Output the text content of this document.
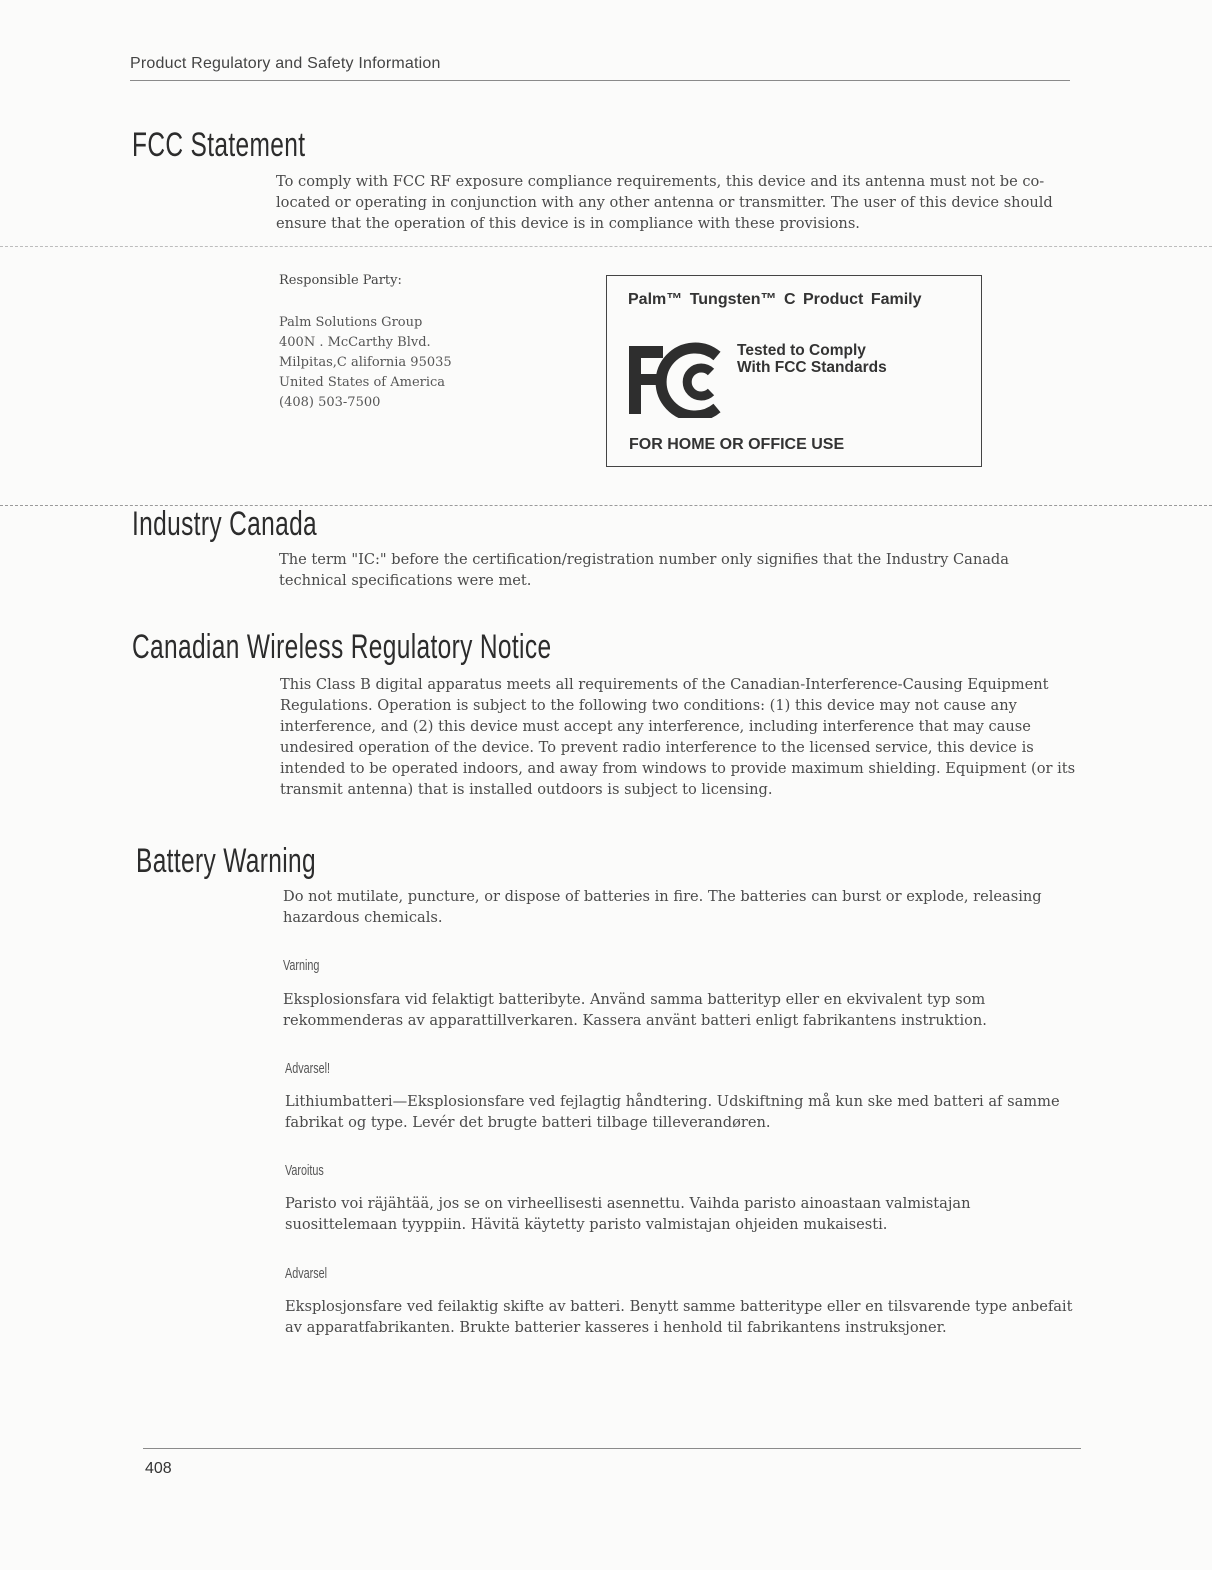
Product Regulatory and Safety Information
FCC Statement
To comply with FCC RF exposure compliance requirements, this device and its antenna must not be co-located or operating in conjunction with any other antenna or transmitter. The user of this device should ensure that the operation of this device is in compliance with these provisions.
Responsible Party:
Palm Solutions Group
400N . McCarthy Blvd.
Milpitas,C alifornia 95035
United States of America
(408) 503-7500
Palm™ Tungsten™ C Product Family
Tested to Comply
With FCC Standards
FOR HOME OR OFFICE USE
Industry Canada
The term "IC:" before the certification/registration number only signifies that the Industry Canada technical specifications were met.
Canadian Wireless Regulatory Notice
This Class B digital apparatus meets all requirements of the Canadian-Interference-Causing Equipment Regulations. Operation is subject to the following two conditions: (1) this device may not cause any interference, and (2) this device must accept any interference, including interference that may cause undesired operation of the device. To prevent radio interference to the licensed service, this device is intended to be operated indoors, and away from windows to provide maximum shielding. Equipment (or its transmit antenna) that is installed outdoors is subject to licensing.
Battery Warning
Do not mutilate, puncture, or dispose of batteries in fire. The batteries can burst or explode, releasing hazardous chemicals.
Varning
Eksplosionsfara vid felaktigt batteribyte. Använd samma batterityp eller en ekvivalent typ som rekommenderas av apparattillverkaren. Kassera använt batteri enligt fabrikantens instruktion.
Advarsel!
Lithiumbatteri—Eksplosionsfare ved fejlagtig håndtering. Udskiftning må kun ske med batteri af samme fabrikat og type. Levér det brugte batteri tilbage tilleverandøren.
Varoitus
Paristo voi räjähtää, jos se on virheellisesti asennettu. Vaihda paristo ainoastaan valmistajan suosittelemaan tyyppiin. Hävitä käytetty paristo valmistajan ohjeiden mukaisesti.
Advarsel
Eksplosjonsfare ved feilaktig skifte av batteri. Benytt samme batteritype eller en tilsvarende type anbefait av apparatfabrikanten. Brukte batterier kasseres i henhold til fabrikantens instruksjoner.
408
